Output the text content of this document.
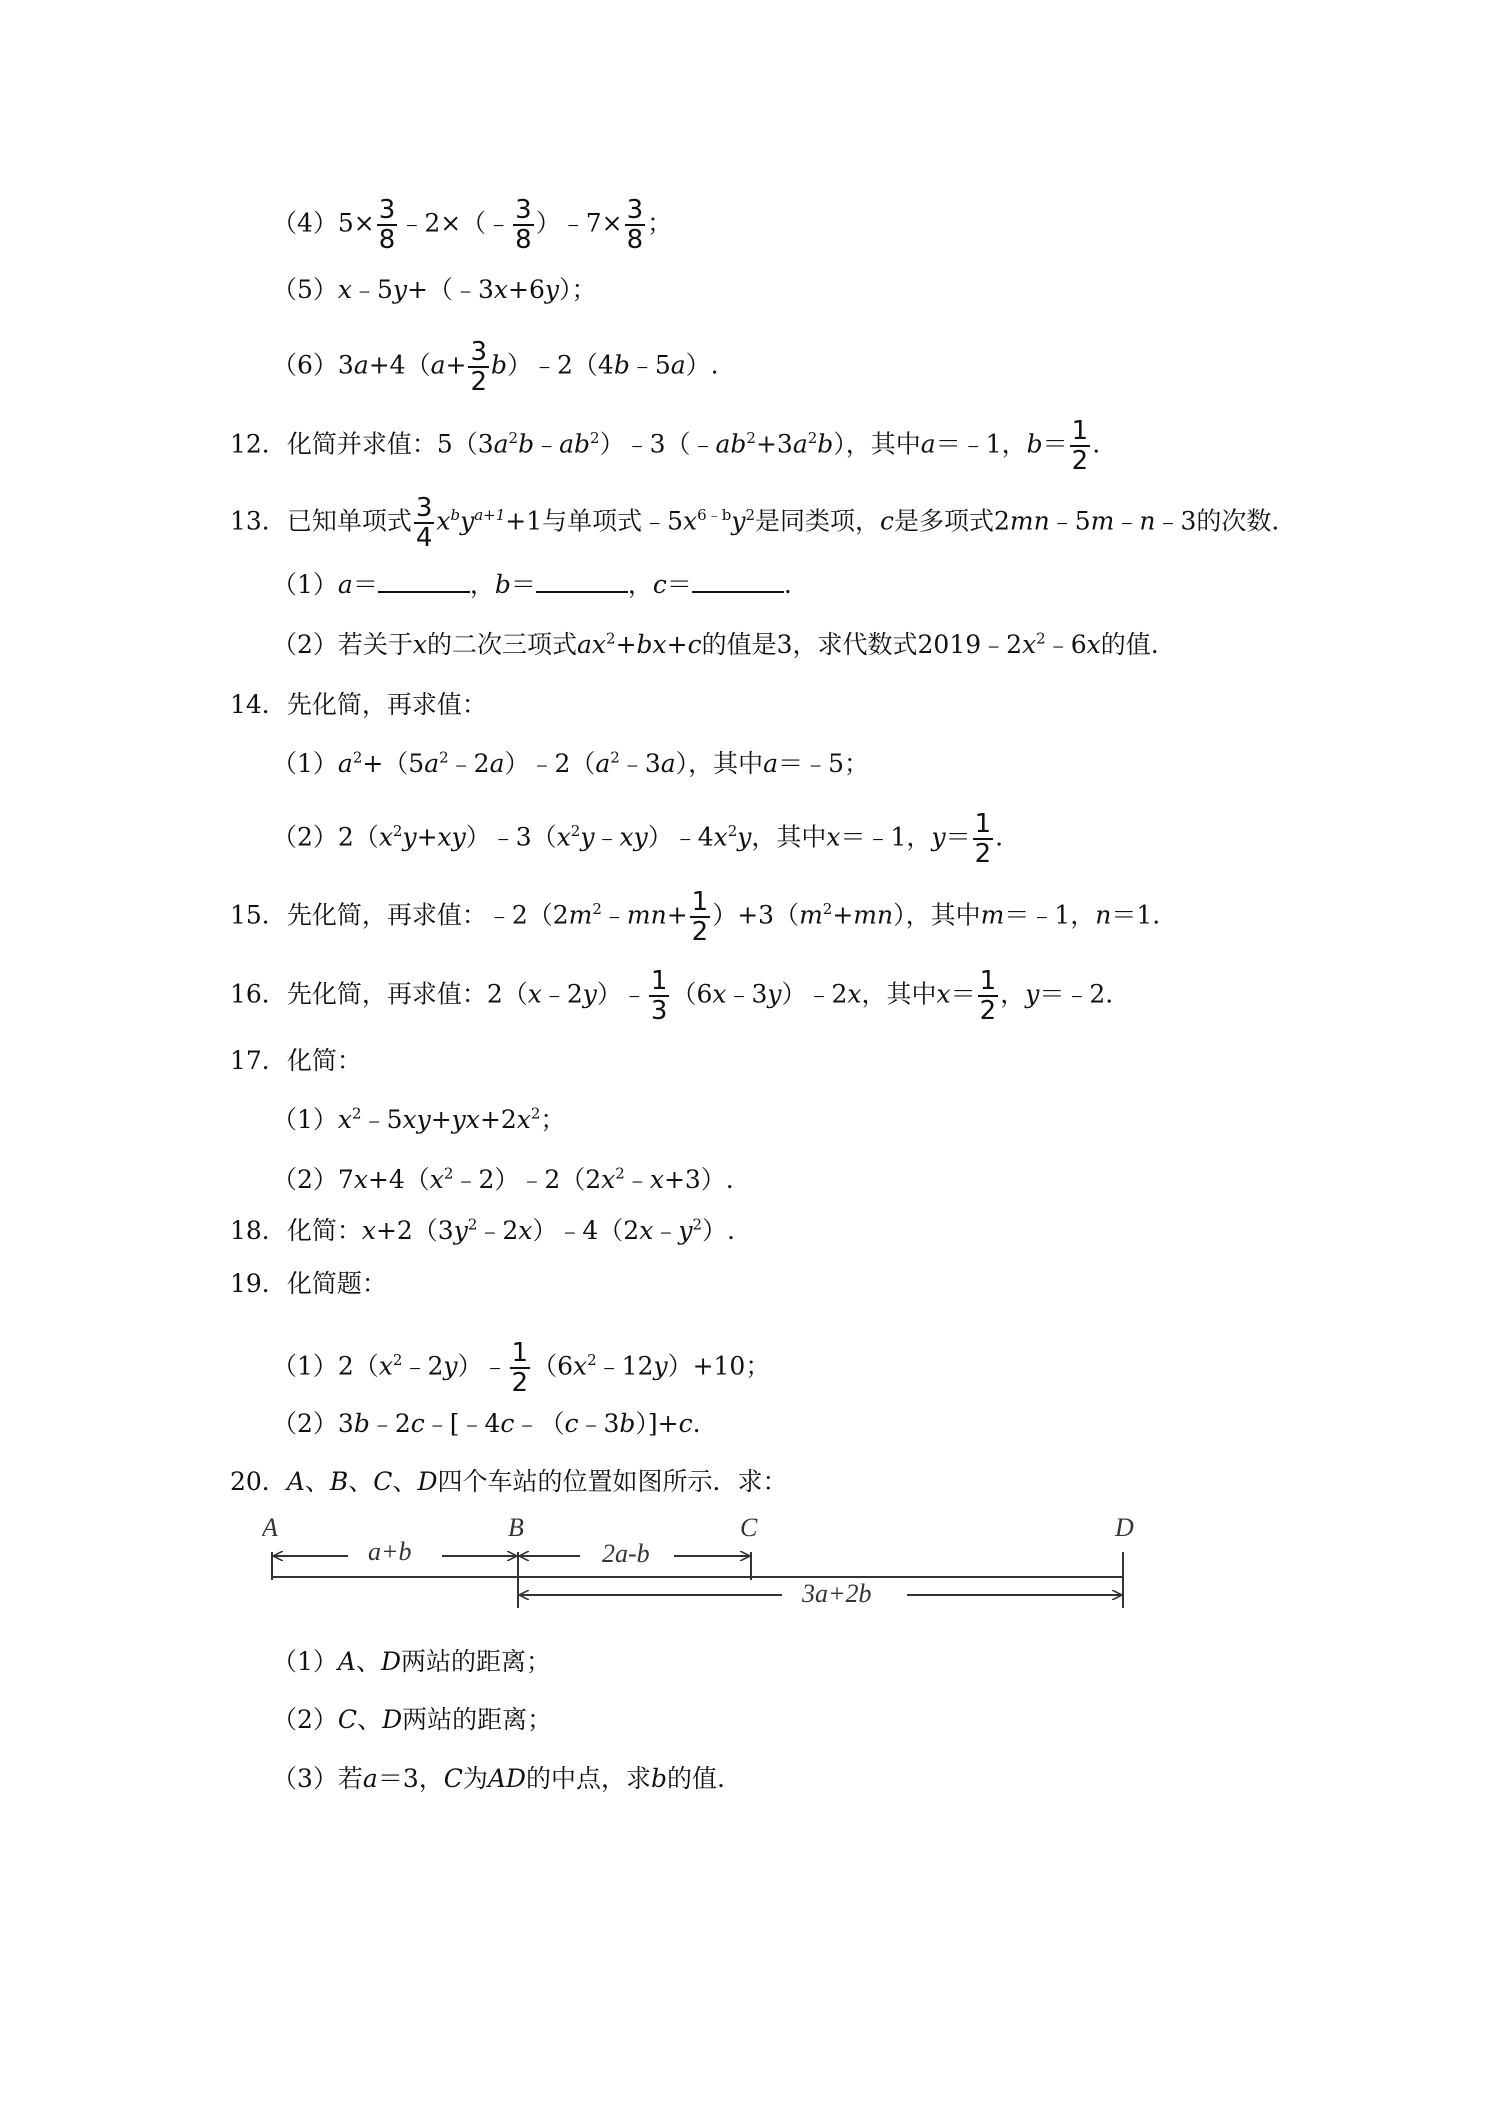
$(4)5\times \frac{3}{8}$ ﹣2×（﹣ $\frac{3}{8}$ ）﹣7× $\frac{3}{8}$ ；
（5）x﹣5y+（﹣3x+6y）；
$(6)3a+4(a+ \frac{3}{2}$ b）﹣2（4b﹣5a）.
12．化简并求值：$5(3a^2b﹣ab^2)﹣3(﹣ab^2+3a^2b)$，其中a＝﹣1，$b= \frac{1}{2}$ .
13．已知单项式 $\frac{3}{4} x^by^{a+1}+1$与单项式$﹣5x^{6﹣b}y^2$是同类项，c是多项式2mn﹣5m﹣n﹣3的次数.
（1）a＝	，b＝	，c＝	.
（2）若关于x的二次三项式$ax^2+bx+c$的值是3，求代数式$2019﹣2x^2﹣6x$的值.
14．先化简，再求值：
$(1)a^2+(5a^2﹣2a)﹣2(a^2﹣3a)$，其中a＝﹣5；
$(2)2(x^2y+xy)﹣3(x^2y﹣xy)﹣4x^2y$，其中x＝﹣1，$y= \frac{1}{2}$ .
15．先化简，再求值：$﹣2(2m^2﹣mn+ \frac{1}{2} )+3(m^2+mn)$，其中m＝﹣1，n＝1.
16．先化简，再求值：2（x﹣2y）﹣ $\frac{1}{3}$ （6x﹣3y）﹣2x，其中$x= \frac{1}{2}$ ，y＝﹣2.
17．化简：
$(1)x^2﹣5xy+yx+2x^2$；
$(2)7x+4(x^2﹣2)﹣2(2x^2﹣x+3)$.
18．化简：$x+2(3y^2﹣2x)﹣4(2x﹣y^2)$.
19．化简题：
$(1)2(x^2﹣2y)﹣ \frac{1}{2}$ $(6x^2﹣12y)+10$；
（2）3b﹣2c﹣[﹣4c﹣（c﹣3b）]+c.
20．A、B、C、D四个车站的位置如图所示．求：
A	B	C	D
a+b	2a-b
3a+2b
（1）A、D两站的距离；
（2）C、D两站的距离；
（3）若a＝3，C为AD的中点，求b的值.
